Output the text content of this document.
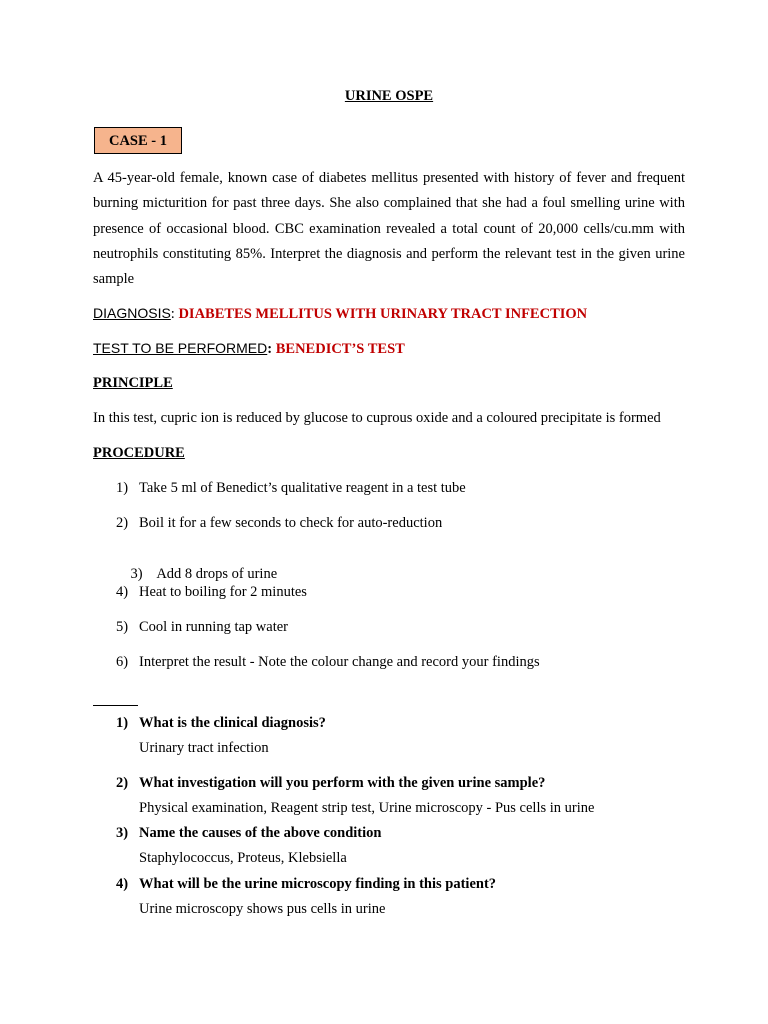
URINE OSPE
CASE - 1

A 45-year-old female, known case of diabetes mellitus presented with history of fever and frequent burning micturition for past three days. She also complained that she had a foul smelling urine with presence of occasional blood. CBC examination revealed a total count of 20,000 cells/cu.mm with neutrophils constituting 85%. Interpret the diagnosis and perform the relevant test in the given urine sample

DIAGNOSIS: DIABETES MELLITUS WITH URINARY TRACT INFECTION
TEST TO BE PERFORMED: BENEDICT’S TEST
PRINCIPLE
In this test, cupric ion is reduced by glucose to cuprous oxide and a coloured precipitate is formed
PROCEDURE
1) Take 5 ml of Benedict’s qualitative reagent in a test tube
2) Boil it for a few seconds to check for auto-reduction

3) Add 8 drops of urine

4) Heat to boiling for 2 minutes
5) Cool in running tap water
6) Interpret the result - Note the colour change and record your findings
1) What is the clinical diagnosis?
Urinary tract infection
2) What investigation will you perform with the given urine sample?
Physical examination, Reagent strip test, Urine microscopy - Pus cells in urine
3) Name the causes of the above condition
Staphylococcus, Proteus, Klebsiella
4) What will be the urine microscopy finding in this patient?
Urine microscopy shows pus cells in urine
